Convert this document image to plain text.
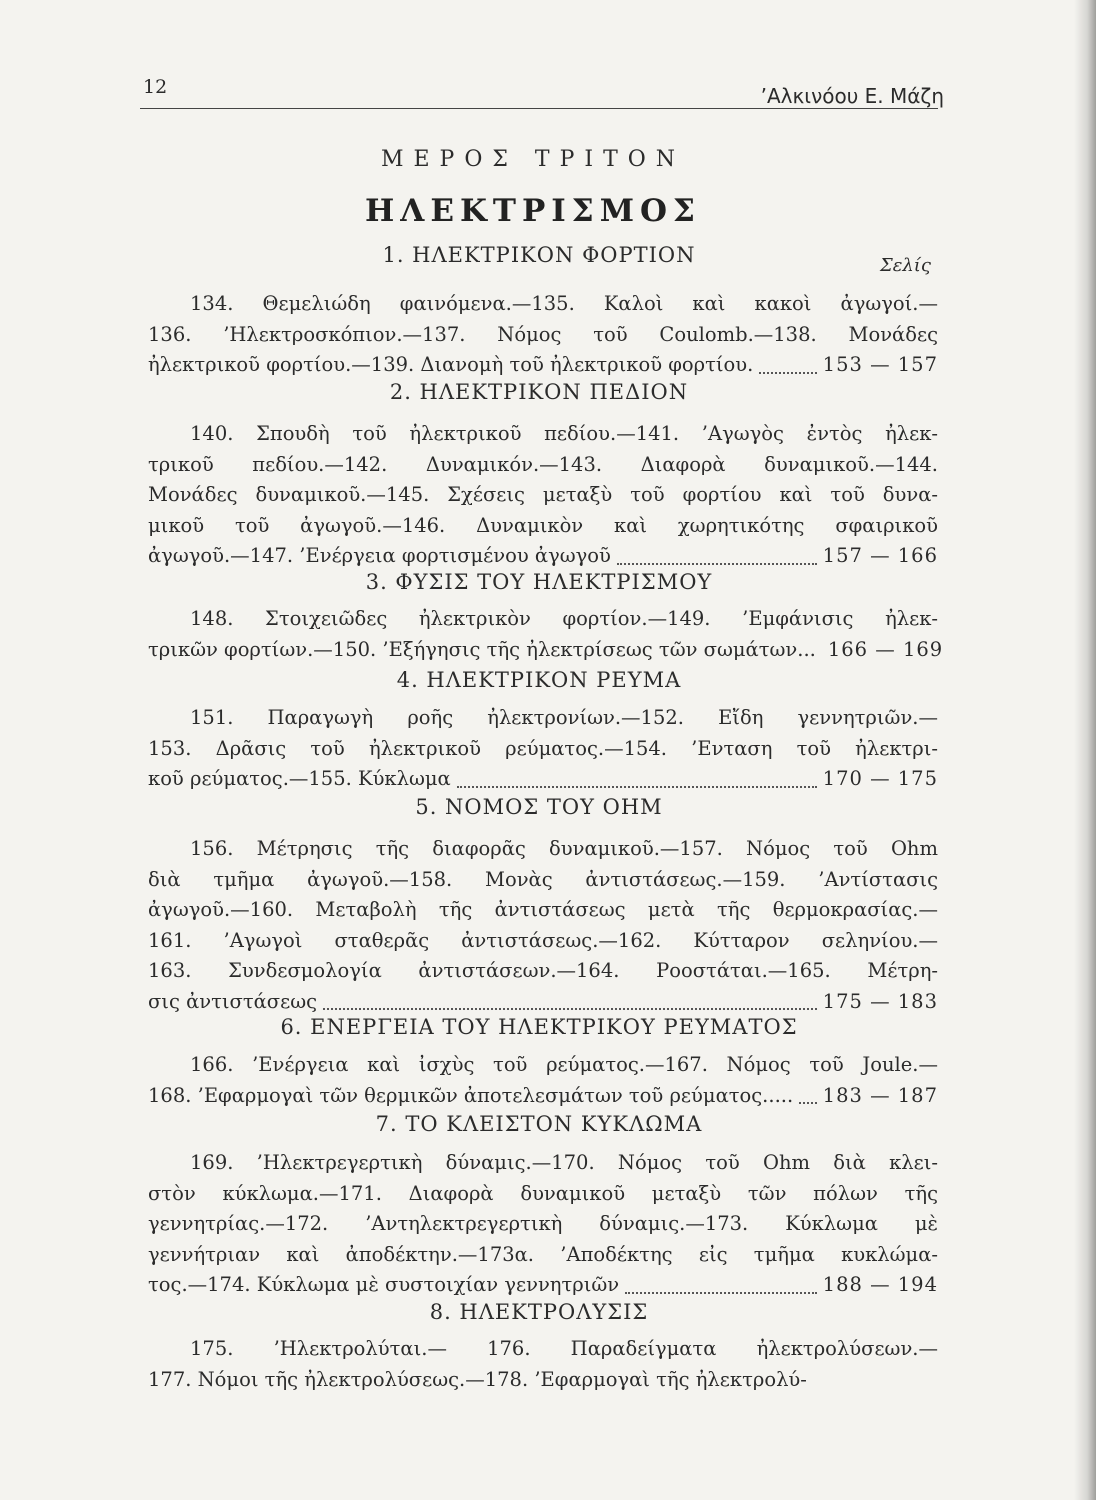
12	’Αλκινόου Ε. Μάζη
ΜΕΡΟΣ ΤΡΙΤΟΝ
ΗΛΕΚΤΡΙΣΜΟΣ
Σελίς
1. ΗΛΕΚΤΡΙΚΟΝ ΦΟΡΤΙΟΝ
134. Θεμελιώδη φαινόμενα.—135. Καλοὶ καὶ κακοὶ ἀγωγοί.—
136. ’Ηλεκτροσκόπιον.—137. Νόμος τοῦ Coulomb.—138. Μονάδες
ἠλεκτρικοῦ φορτίου.—139. Διανομὴ τοῦ ἠλεκτρικοῦ φορτίου.	153 — 157
2. ΗΛΕΚΤΡΙΚΟΝ ΠΕΔΙΟΝ
140. Σπουδὴ τοῦ ἠλεκτρικοῦ πεδίου.—141. ’Αγωγὸς ἐντὸς ἠλεκ-
τρικοῦ πεδίου.—142. Δυναμικόν.—143. Διαφορὰ δυναμικοῦ.—144.
Μονάδες δυναμικοῦ.—145. Σχέσεις μεταξὺ τοῦ φορτίου καὶ τοῦ δυνα-
μικοῦ τοῦ ἀγωγοῦ.—146. Δυναμικὸν καὶ χωρητικότης σφαιρικοῦ
ἀγωγοῦ.—147. ’Ενέργεια φορτισμένου ἀγωγοῦ	157 — 166
3. ΦΥΣΙΣ ΤΟΥ ΗΛΕΚΤΡΙΣΜΟΥ
148. Στοιχειῶδες ἠλεκτρικὸν φορτίον.—149. ’Εμφάνισις ἠλεκ-
τρικῶν φορτίων.—150. ’Εξήγησις τῆς ἠλεκτρίσεως τῶν σωμάτων... 166 — 169
4. ΗΛΕΚΤΡΙΚΟΝ ΡΕΥΜΑ
151. Παραγωγὴ ροῆς ἠλεκτρονίων.—152. Εἴδη γεννητριῶν.—
153. Δρᾶσις τοῦ ἠλεκτρικοῦ ρεύματος.—154. ’Ενταση τοῦ ἠλεκτρι-
κοῦ ρεύματος.—155. Κύκλωμα	170 — 175
5. ΝΟΜΟΣ ΤΟΥ OHM
156. Μέτρησις τῆς διαφορᾶς δυναμικοῦ.—157. Νόμος τοῦ Ohm
διὰ τμῆμα ἀγωγοῦ.—158. Μονὰς ἀντιστάσεως.—159. ’Αντίστασις
ἀγωγοῦ.—160. Μεταβολὴ τῆς ἀντιστάσεως μετὰ τῆς θερμοκρασίας.—
161. ’Αγωγοὶ σταθερᾶς ἀντιστάσεως.—162. Κύτταρον σεληνίου.—
163. Συνδεσμολογία ἀντιστάσεων.—164. Ροοστάται.—165. Μέτρη-
σις ἀντιστάσεως	175 — 183
6. ΕΝΕΡΓΕΙΑ ΤΟΥ ΗΛΕΚΤΡΙΚΟΥ ΡΕΥΜΑΤΟΣ
166. ’Ενέργεια καὶ ἰσχὺς τοῦ ρεύματος.—167. Νόμος τοῦ Joule.—
168. ’Εφαρμογαὶ τῶν θερμικῶν ἀποτελεσμάτων τοῦ ρεύματος..... 183 — 187
7. ΤΟ ΚΛΕΙΣΤΟΝ ΚΥΚΛΩΜΑ
169. ’Ηλεκτρεγερτικὴ δύναμις.—170. Νόμος τοῦ Ohm διὰ κλει-
στὸν κύκλωμα.—171. Διαφορὰ δυναμικοῦ μεταξὺ τῶν πόλων τῆς
γεννητρίας.—172. ’Αντηλεκτρεγερτικὴ δύναμις.—173. Κύκλωμα μὲ
γεννήτριαν καὶ ἀποδέκτην.—173α. ’Αποδέκτης εἰς τμῆμα κυκλώμα-
τος.—174. Κύκλωμα μὲ συστοιχίαν γεννητριῶν	188 — 194
8. ΗΛΕΚΤΡΟΛΥΣΙΣ
175. ’Ηλεκτρολύται.— 176. Παραδείγματα ἠλεκτρολύσεων.—
177. Νόμοι τῆς ἠλεκτρολύσεως.—178. ’Εφαρμογαὶ τῆς ἠλεκτρολύ-
